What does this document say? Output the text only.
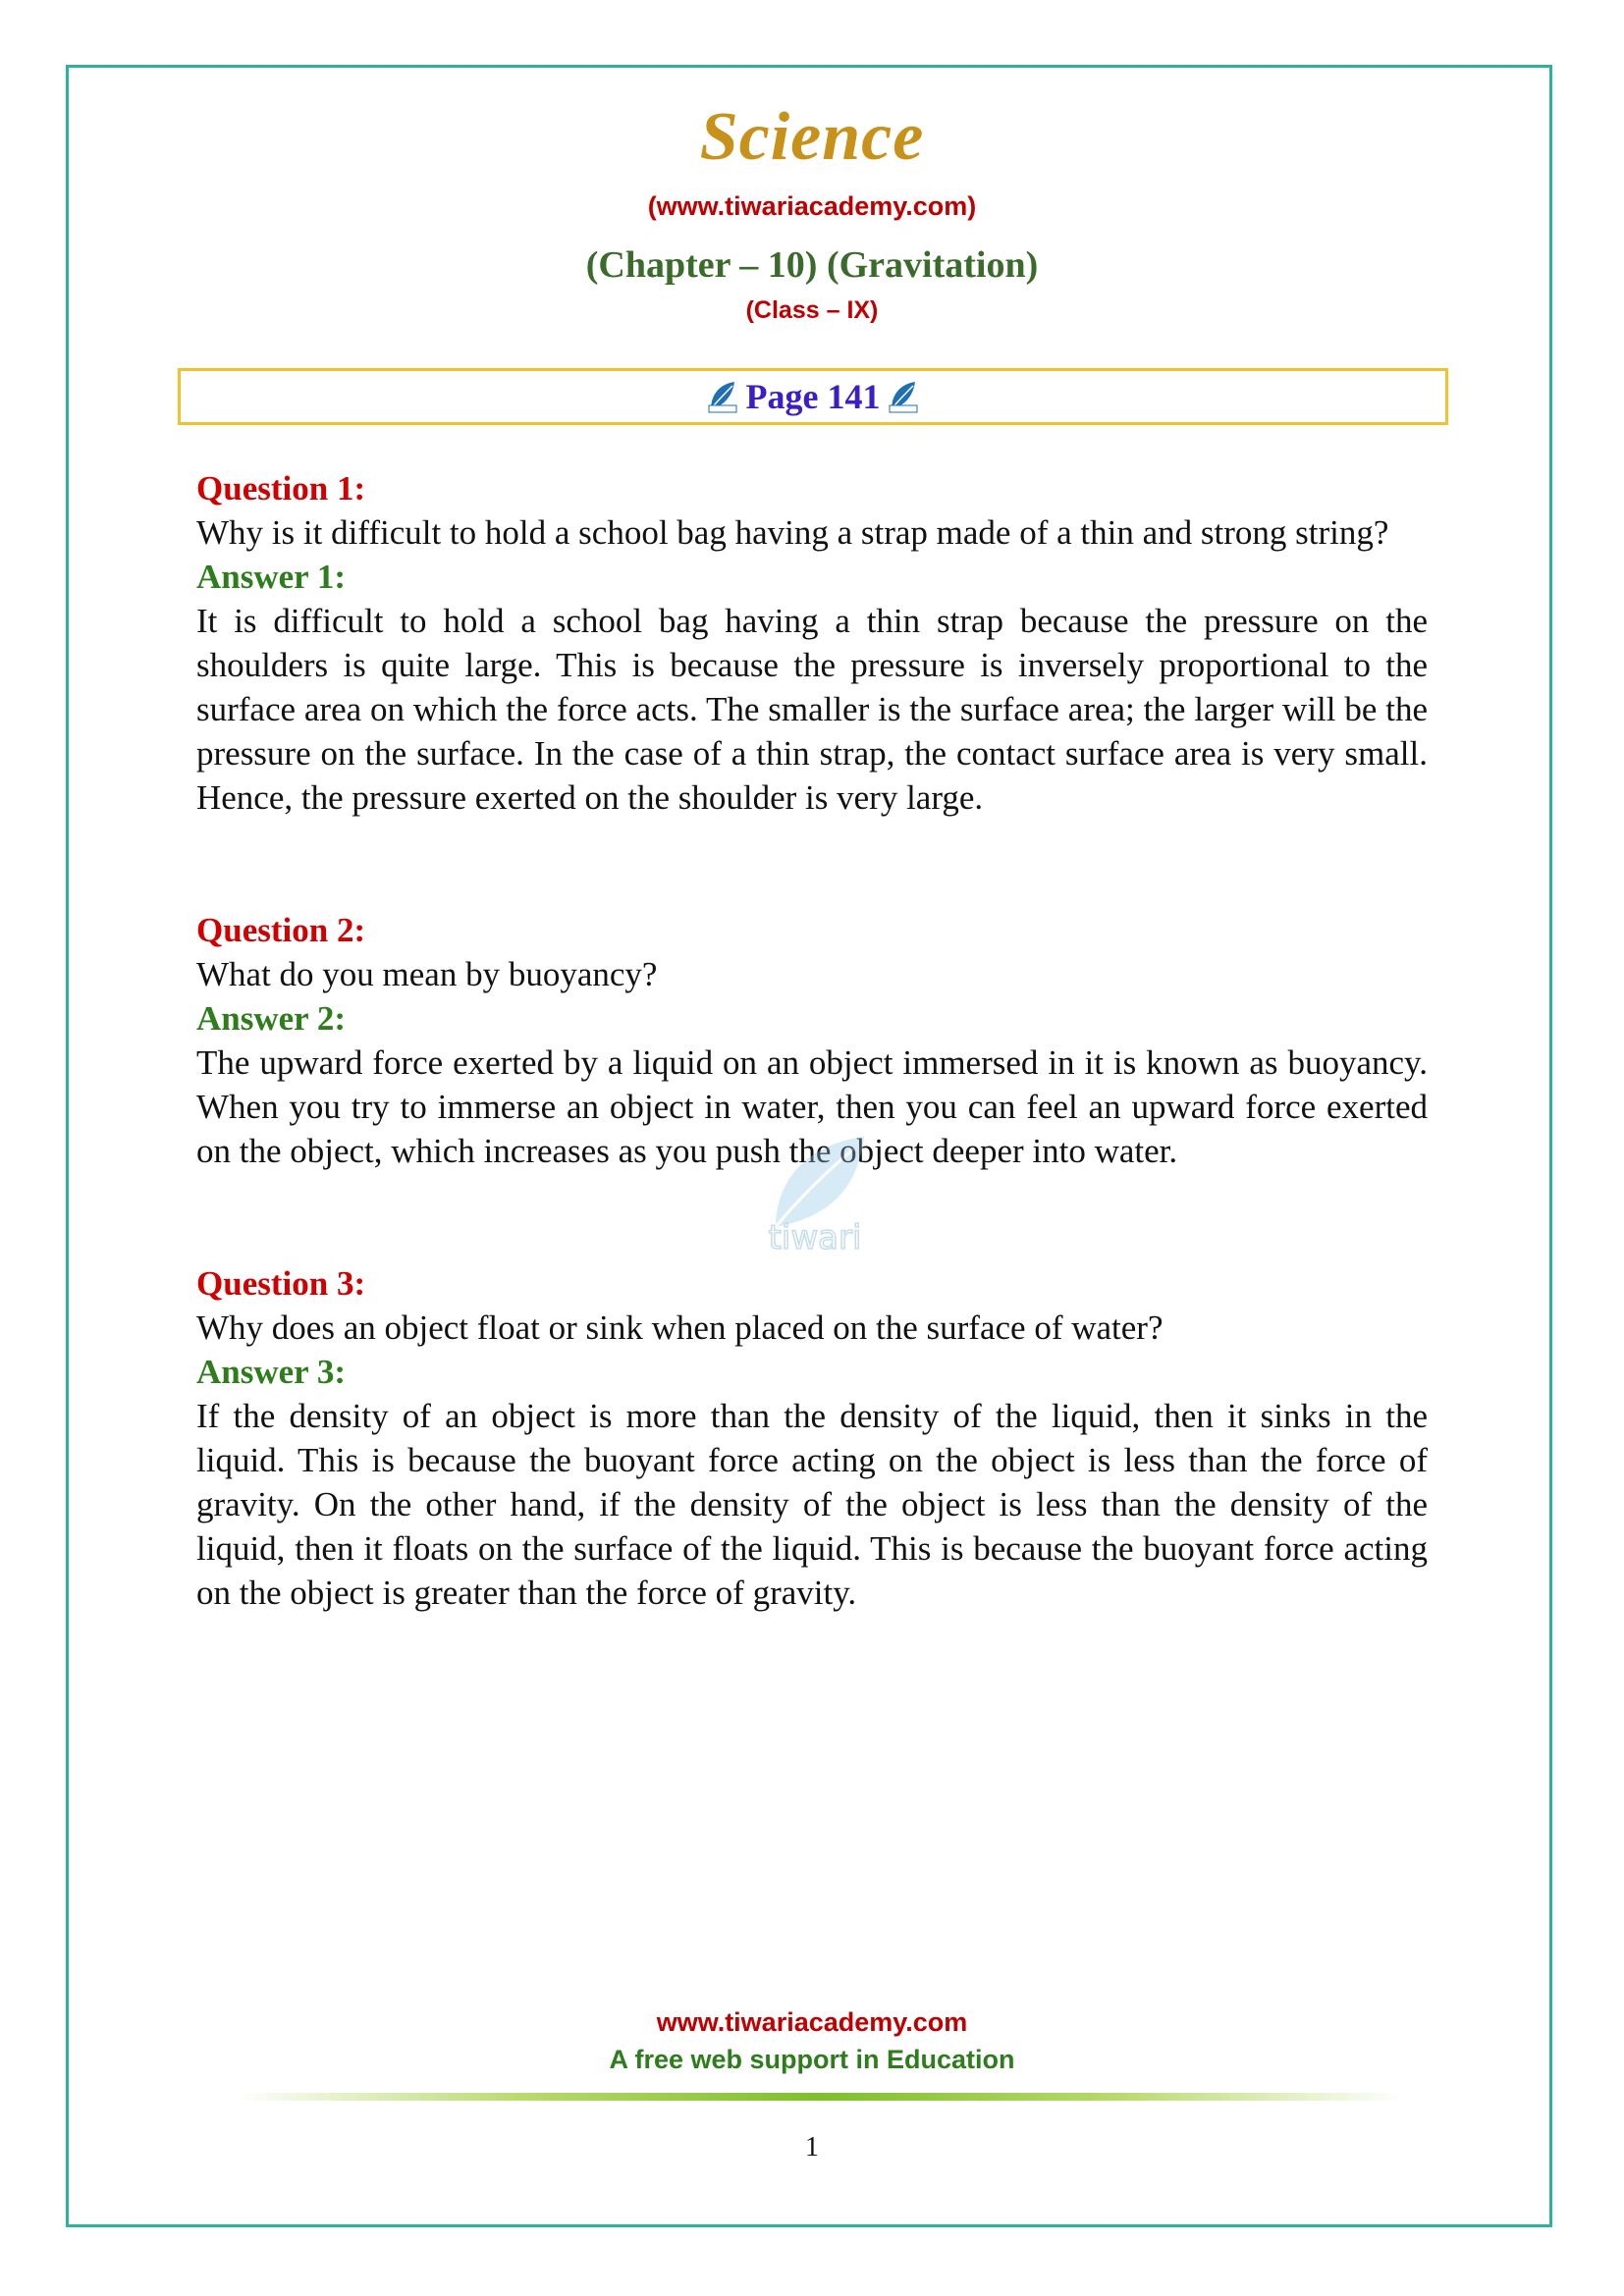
Science
(www.tiwariacademy.com)
(Chapter – 10) (Gravitation)
(Class – IX)
Page 141
Question 1:
Why is it difficult to hold a school bag having a strap made of a thin and strong string?
Answer 1:
It is difficult to hold a school bag having a thin strap because the pressure on the shoulders is quite large. This is because the pressure is inversely proportional to the surface area on which the force acts. The smaller is the surface area; the larger will be the pressure on the surface. In the case of a thin strap, the contact surface area is very small. Hence, the pressure exerted on the shoulder is very large.
Question 2:
What do you mean by buoyancy?
Answer 2:
The upward force exerted by a liquid on an object immersed in it is known as buoyancy. When you try to immerse an object in water, then you can feel an upward force exerted on the object, which increases as you push the object deeper into water.
Question 3:
Why does an object float or sink when placed on the surface of water?
Answer 3:
If the density of an object is more than the density of the liquid, then it sinks in the liquid. This is because the buoyant force acting on the object is less than the force of gravity. On the other hand, if the density of the object is less than the density of the liquid, then it floats on the surface of the liquid. This is because the buoyant force acting on the object is greater than the force of gravity.
tiwari
www.tiwariacademy.com
A free web support in Education
1
